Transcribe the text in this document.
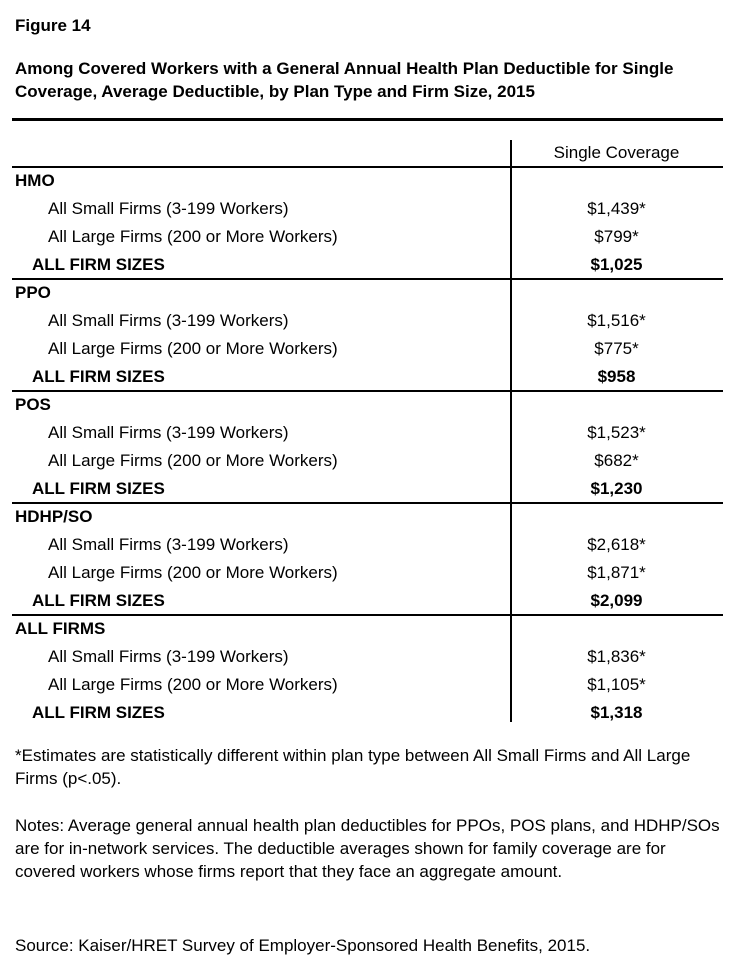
Figure 14
Among Covered Workers with a General Annual Health Plan Deductible for Single Coverage, Average Deductible, by Plan Type and Firm Size, 2015
Single Coverage
HMO
All Small Firms (3-199 Workers)	$1,439*
All Large Firms (200 or More Workers)	$799*
ALL FIRM SIZES	$1,025
PPO
All Small Firms (3-199 Workers)	$1,516*
All Large Firms (200 or More Workers)	$775*
ALL FIRM SIZES	$958
POS
All Small Firms (3-199 Workers)	$1,523*
All Large Firms (200 or More Workers)	$682*
ALL FIRM SIZES	$1,230
HDHP/SO
All Small Firms (3-199 Workers)	$2,618*
All Large Firms (200 or More Workers)	$1,871*
ALL FIRM SIZES	$2,099
ALL FIRMS
All Small Firms (3-199 Workers)	$1,836*
All Large Firms (200 or More Workers)	$1,105*
ALL FIRM SIZES	$1,318
*Estimates are statistically different within plan type between All Small Firms and All Large Firms (p<.05).
Notes: Average general annual health plan deductibles for PPOs, POS plans, and HDHP/SOs are for in-network services. The deductible averages shown for family coverage are for covered workers whose firms report that they face an aggregate amount.
Source: Kaiser/HRET Survey of Employer-Sponsored Health Benefits, 2015.
